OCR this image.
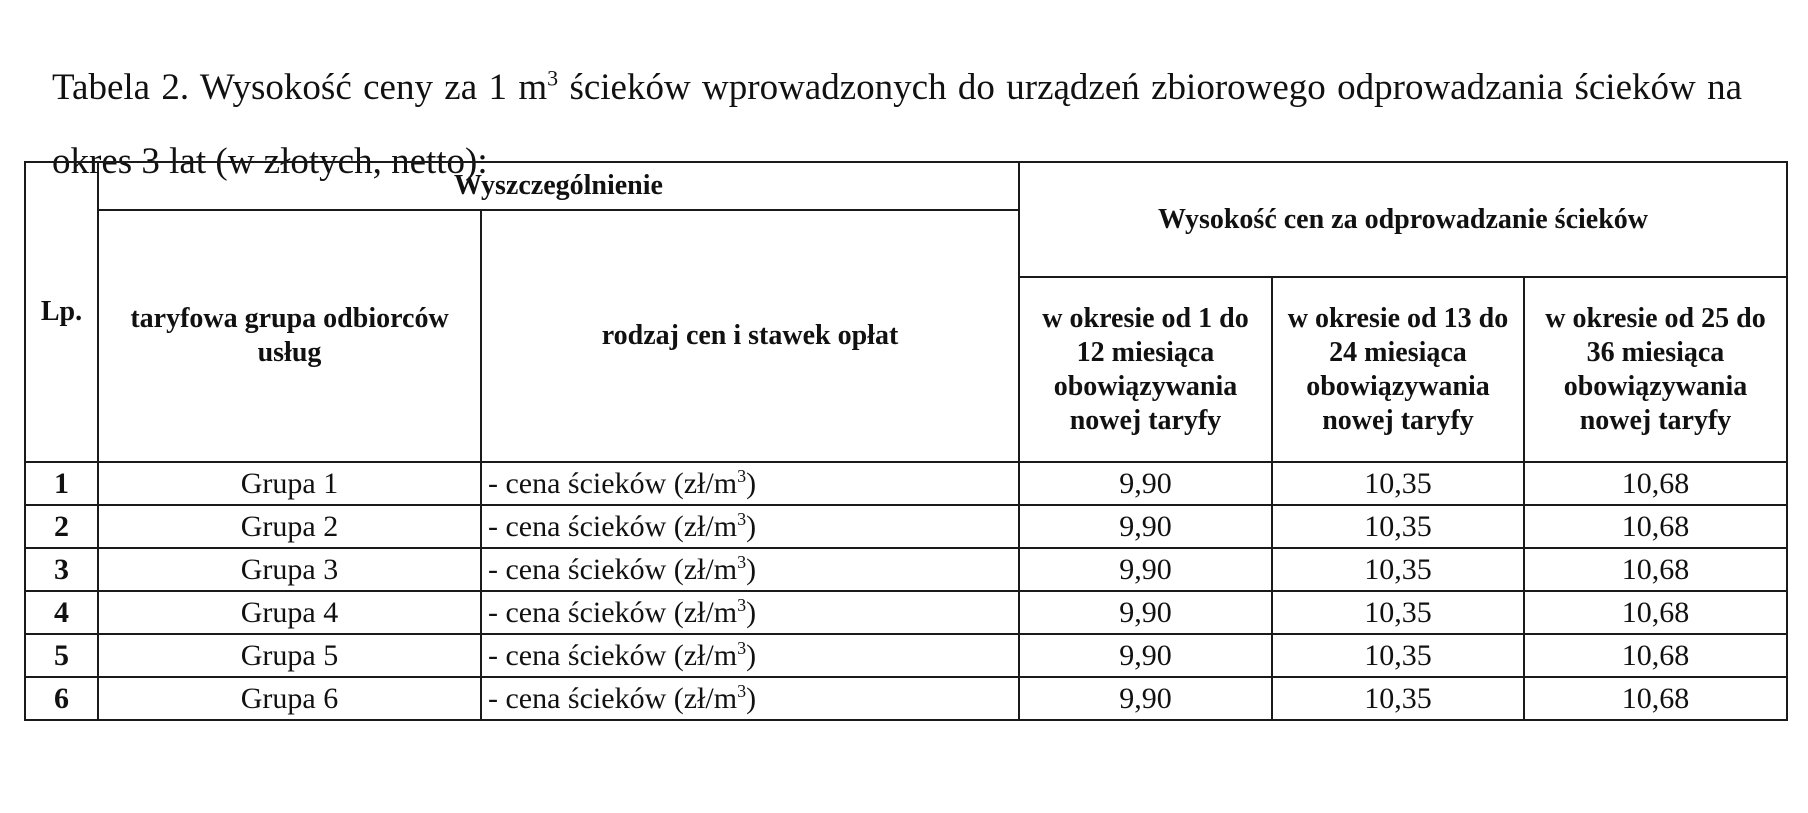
Tabela 2. Wysokość ceny za 1 $m^3$ ścieków wprowadzonych do urządzeń zbiorowego odprowadzania ścieków na okres 3 lat (w złotych, netto):

Lp.	Wyszczególnienie		Wysokość cen za odprowadzanie ścieków		
	taryfowa grupa odbiorców usług	rodzaj cen i stawek opłat			
			w okresie od 1 do 12 miesiąca obowiązywania nowej taryfy	w okresie od 13 do 24 miesiąca obowiązywania nowej taryfy	w okresie od 25 do 36 miesiąca obowiązywania nowej taryfy
1	Grupa 1	- cena ścieków $(zł/m^3)$	9,90	10,35	10,68
2	Grupa 2	- cena ścieków $(zł/m^3)$	9,90	10,35	10,68
3	Grupa 3	- cena ścieków $(zł/m^3)$	9,90	10,35	10,68
4	Grupa 4	- cena ścieków $(zł/m^3)$	9,90	10,35	10,68
5	Grupa 5	- cena ścieków $(zł/m^3)$	9,90	10,35	10,68
6	Grupa 6	- cena ścieków $(zł/m^3)$	9,90	10,35	10,68
